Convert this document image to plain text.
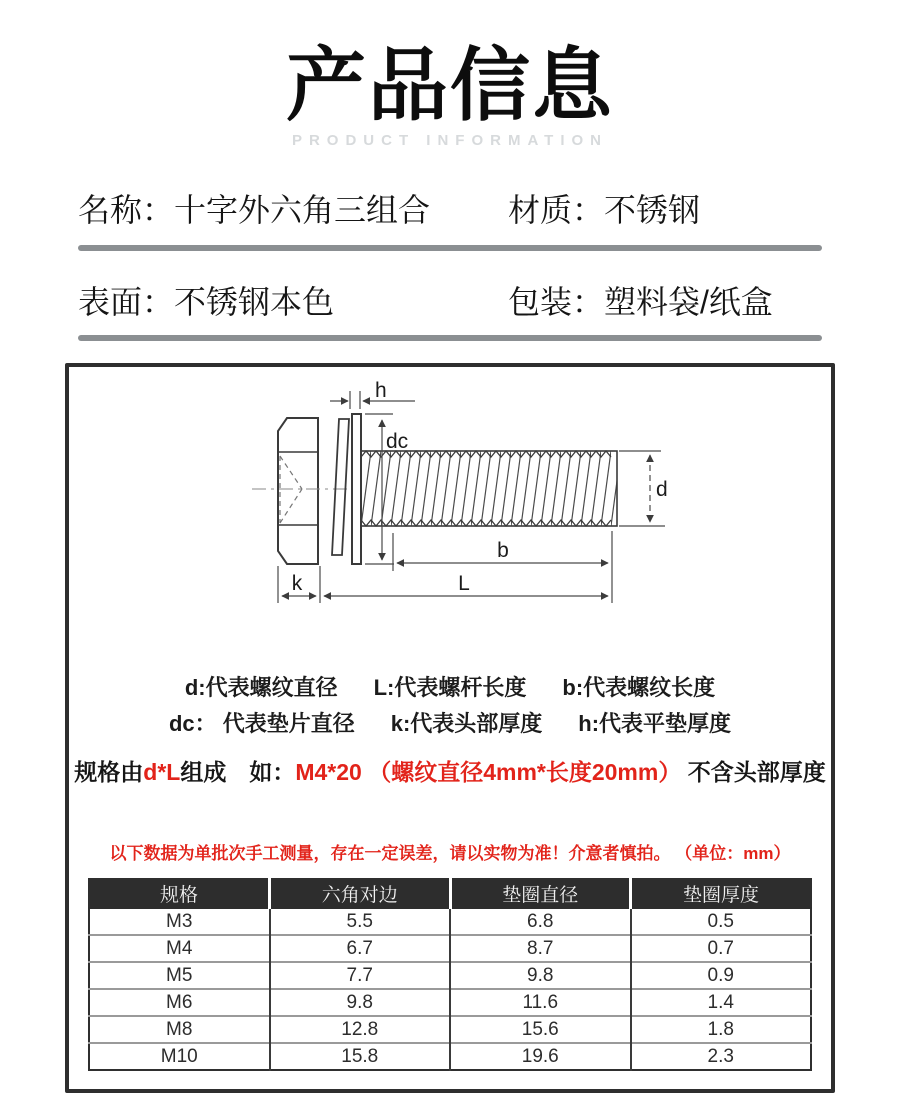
产品信息
PRODUCT INFORMATION
名称：十字外六角三组合	材质：不锈钢
表面：不锈钢本色	包装：塑料袋/纸盒
h
dc
d
b
k	L
d:代表螺纹直径 L:代表螺杆长度 b:代表螺纹长度
dc： 代表垫片直径 k:代表头部厚度 h:代表平垫厚度
规格由d*L组成　如：M4*20 （螺纹直径4mm*长度20mm） 不含头部厚度
以下数据为单批次手工测量，存在一定误差，请以实物为准！介意者慎拍。 （单位：mm）
规格	六角对边	垫圈直径	垫圈厚度
M3	5.5	6.8	0.5
M4	6.7	8.7	0.7
M5	7.7	9.8	0.9
M6	9.8	11.6	1.4
M8	12.8	15.6	1.8
M10	15.8	19.6	2.3
